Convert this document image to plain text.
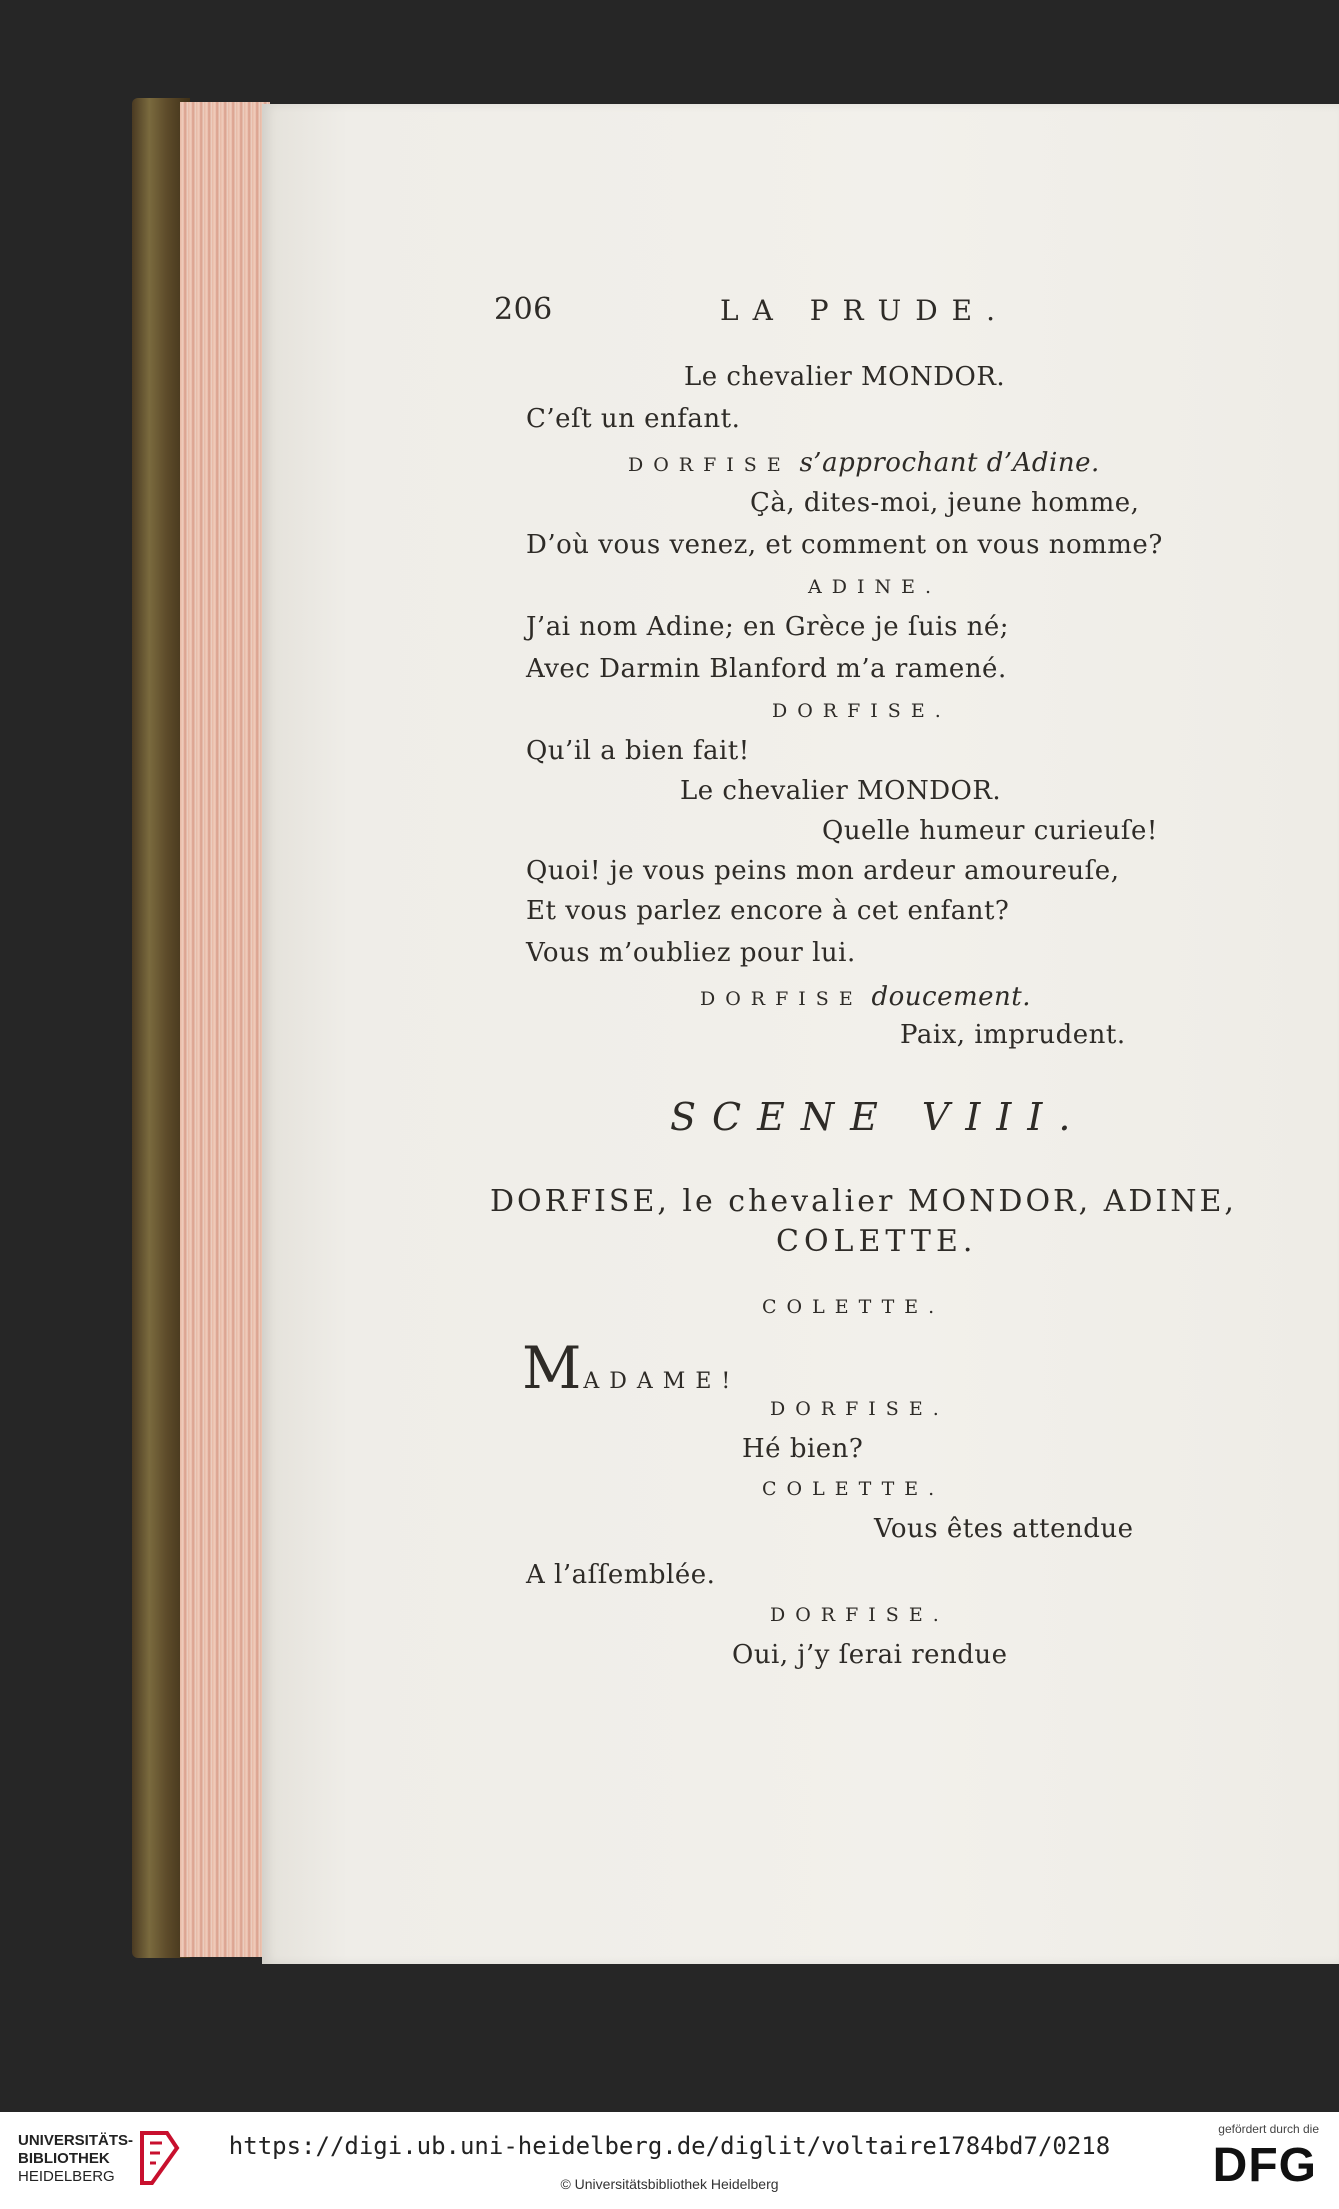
206	LA PRUDE.
Le chevalier MONDOR.
C’eſt un enfant.
DORFISE s’approchant d’Adine.
Çà, dites-moi, jeune homme,
D’où vous venez, et comment on vous nomme?
ADINE.
J’ai nom Adine; en Grèce je ſuis né;
Avec Darmin Blanford m’a ramené.
DORFISE.
Qu’il a bien fait!
Le chevalier MONDOR.
Quelle humeur curieuſe!
Quoi! je vous peins mon ardeur amoureuſe,
Et vous parlez encore à cet enfant?
Vous m’oubliez pour lui.
DORFISE doucement.
Paix, imprudent.
SCENE VIII.
DORFISE, le chevalier MONDOR, ADINE,
COLETTE.
COLETTE.
MADAME!
DORFISE.
Hé bien?
COLETTE.
Vous êtes attendue
A l’aſſemblée.
DORFISE.
Oui, j’y ſerai rendue
UNIVERSITÄTS-
BIBLIOTHEK
HEIDELBERG
https://digi.ub.uni-heidelberg.de/diglit/voltaire1784bd7/0218
© Universitätsbibliothek Heidelberg
gefördert durch die
DFG
